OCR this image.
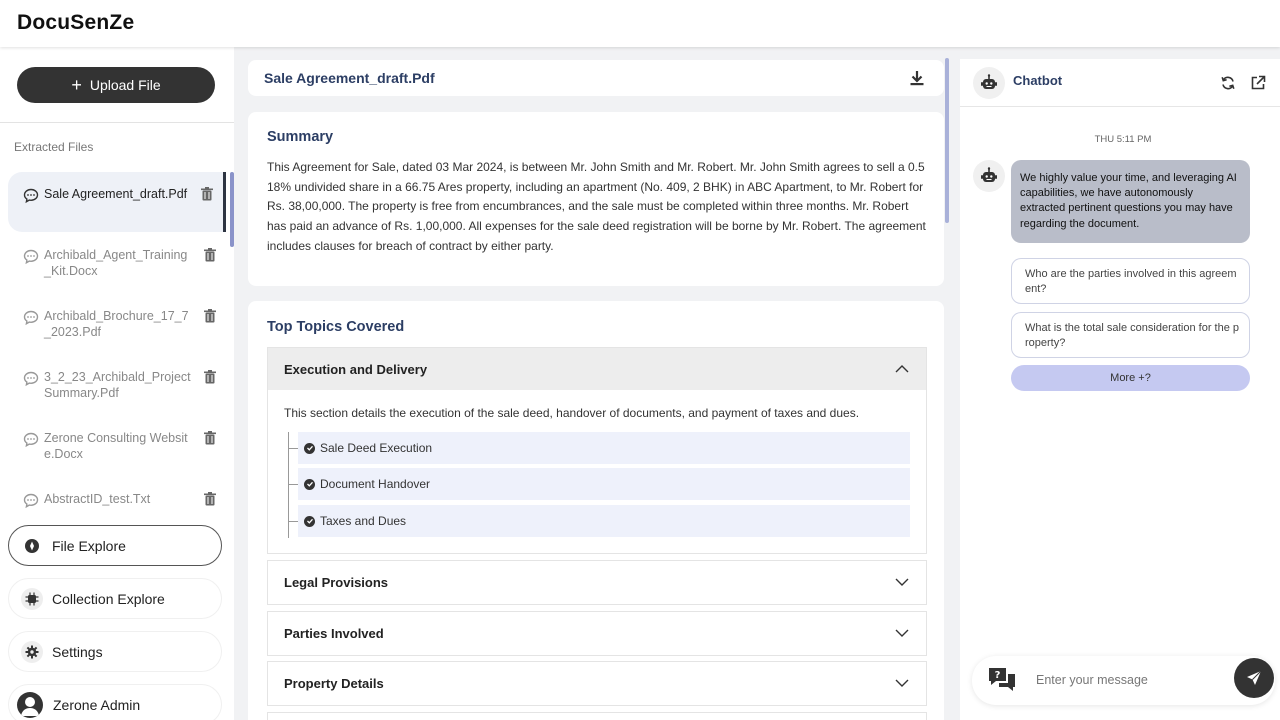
DocuSenZe
+ Upload File
Extracted Files
Sale Agreement_draft.Pdf
Archibald_Agent_Training_Kit.Docx
Archibald_Brochure_17_7_2023.Pdf
3_2_23_Archibald_ProjectSummary.Pdf
Zerone Consulting Website.Docx
AbstractID_test.Txt
File Explore
Collection Explore
Settings
Zerone Admin
Sale Agreement_draft.Pdf
Summary
This Agreement for Sale, dated 03 Mar 2024, is between Mr. John Smith and Mr. Robert. Mr. John Smith agrees to sell a 0.5 18% undivided share in a 66.75 Ares property, including an apartment (No. 409, 2 BHK) in ABC Apartment, to Mr. Robert for Rs. 38,00,000. The property is free from encumbrances, and the sale must be completed within three months. Mr. Robert has paid an advance of Rs. 1,00,000. All expenses for the sale deed registration will be borne by Mr. Robert. The agreement includes clauses for breach of contract by either party.
Top Topics Covered
Execution and Delivery
This section details the execution of the sale deed, handover of documents, and payment of taxes and dues.
Sale Deed Execution
Document Handover
Taxes and Dues
Legal Provisions
Parties Involved
Property Details
Chatbot
THU 5:11 PM
We highly value your time, and leveraging AI capabilities, we have autonomously extracted pertinent questions you may have regarding the document.
Who are the parties involved in this agreement?
What is the total sale consideration for the property?
More +?
?
Enter your message
